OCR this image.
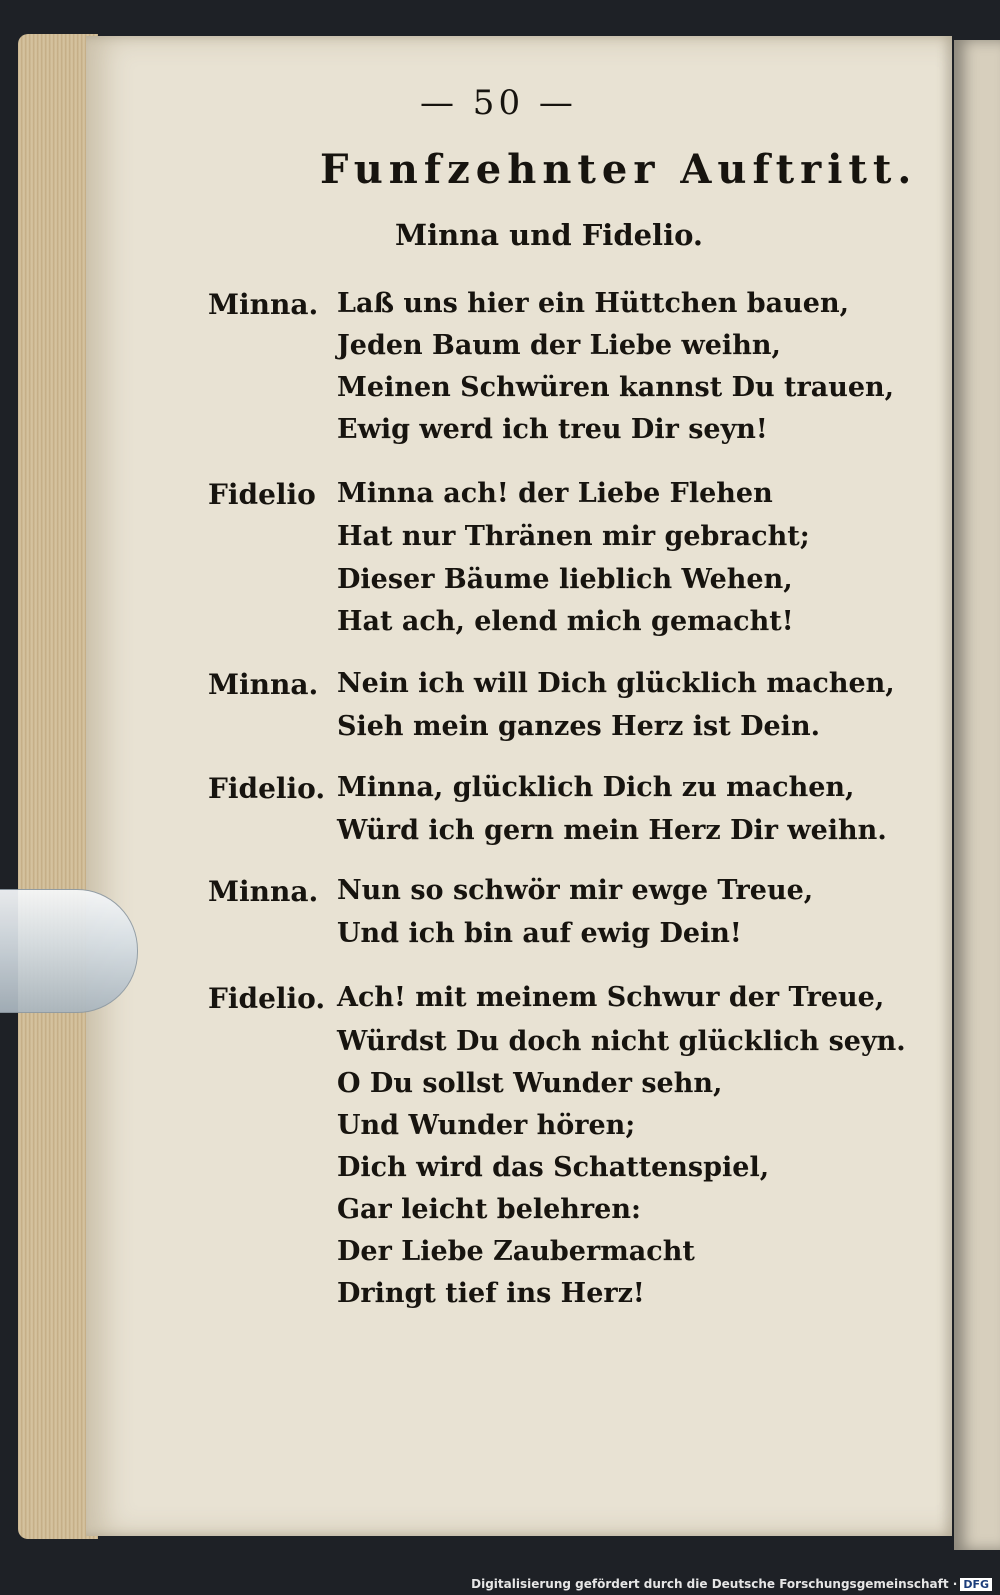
— 50 —
Funfzehnter Auftritt.
Minna und Fidelio.
Minna. Laß uns hier ein Hüttchen bauen,
Jeden Baum der Liebe weihn,
Meinen Schwüren kannst Du trauen,
Ewig werd ich treu Dir seyn!
Fidelio Minna ach! der Liebe Flehen
Hat nur Thränen mir gebracht;
Dieser Bäume lieblich Wehen,
Hat ach, elend mich gemacht!
Minna. Nein ich will Dich glücklich machen,
Sieh mein ganzes Herz ist Dein.
Fidelio. Minna, glücklich Dich zu machen,
Würd ich gern mein Herz Dir weihn.
Minna. Nun so schwör mir ewge Treue,
Und ich bin auf ewig Dein!
Fidelio. Ach! mit meinem Schwur der Treue,
Würdst Du doch nicht glücklich seyn.
O Du sollst Wunder sehn,
Und Wunder hören;
Dich wird das Schattenspiel,
Gar leicht belehren:
Der Liebe Zaubermacht
Dringt tief ins Herz!
Digitalisierung gefördert durch die Deutsche Forschungsgemeinschaft · DFG
